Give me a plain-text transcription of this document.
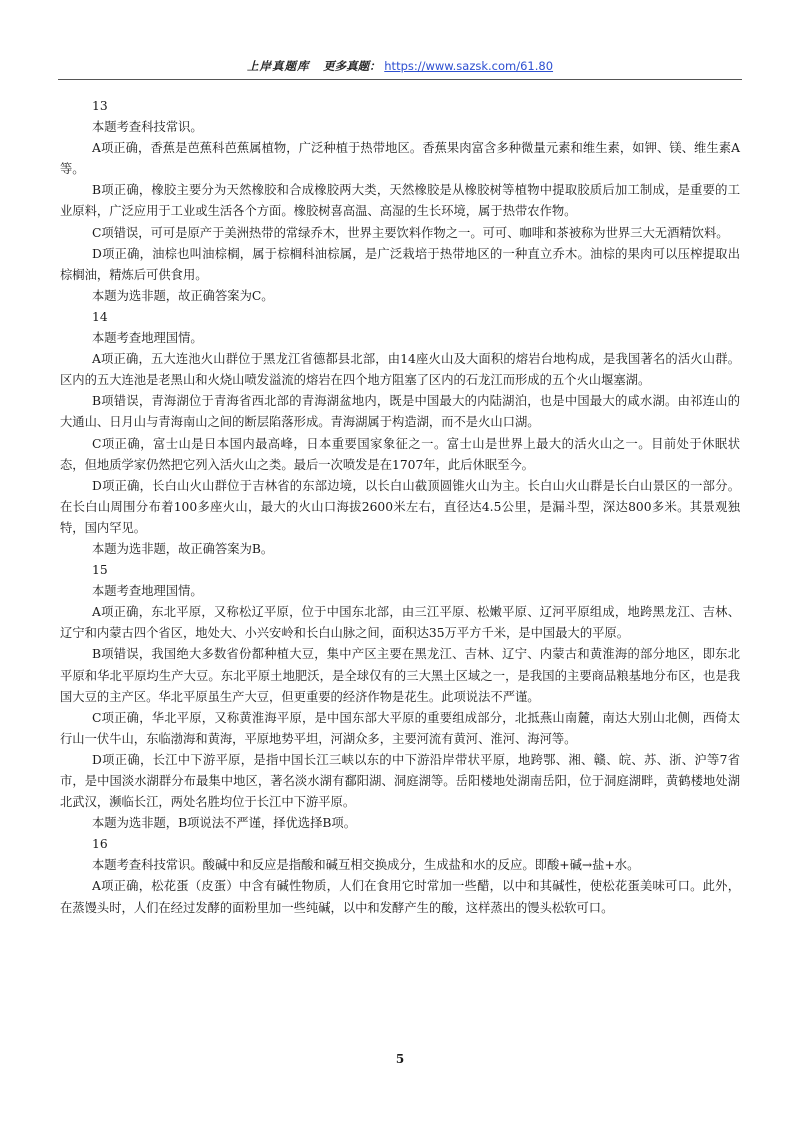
上岸真题库 更多真题： https://www.sazsk.com/61.80
13
本题考查科技常识。
A项正确，香蕉是芭蕉科芭蕉属植物，广泛种植于热带地区。香蕉果肉富含多种微量元素和维生素，如钾、镁、维生素A等。
B项正确，橡胶主要分为天然橡胶和合成橡胶两大类，天然橡胶是从橡胶树等植物中提取胶质后加工制成，是重要的工业原料，广泛应用于工业或生活各个方面。橡胶树喜高温、高湿的生长环境，属于热带农作物。
C项错误，可可是原产于美洲热带的常绿乔木，世界主要饮料作物之一。可可、咖啡和茶被称为世界三大无酒精饮料。
D项正确，油棕也叫油棕榈，属于棕榈科油棕属，是广泛栽培于热带地区的一种直立乔木。油棕的果肉可以压榨提取出棕榈油，精炼后可供食用。
本题为选非题，故正确答案为C。
14
本题考查地理国情。
A项正确，五大连池火山群位于黑龙江省德都县北部，由14座火山及大面积的熔岩台地构成，是我国著名的活火山群。区内的五大连池是老黑山和火烧山喷发溢流的熔岩在四个地方阻塞了区内的石龙江而形成的五个火山堰塞湖。
B项错误，青海湖位于青海省西北部的青海湖盆地内，既是中国最大的内陆湖泊，也是中国最大的咸水湖。由祁连山的大通山、日月山与青海南山之间的断层陷落形成。青海湖属于构造湖，而不是火山口湖。
C项正确，富士山是日本国内最高峰，日本重要国家象征之一。富士山是世界上最大的活火山之一。目前处于休眠状态，但地质学家仍然把它列入活火山之类。最后一次喷发是在1707年，此后休眠至今。
D项正确，长白山火山群位于吉林省的东部边境，以长白山截顶圆锥火山为主。长白山火山群是长白山景区的一部分。在长白山周围分布着100多座火山，最大的火山口海拔2600米左右，直径达4.5公里，是漏斗型，深达800多米。其景观独特，国内罕见。
本题为选非题，故正确答案为B。
15
本题考查地理国情。
A项正确，东北平原，又称松辽平原，位于中国东北部，由三江平原、松嫩平原、辽河平原组成，地跨黑龙江、吉林、辽宁和内蒙古四个省区，地处大、小兴安岭和长白山脉之间，面积达35万平方千米，是中国最大的平原。
B项错误，我国绝大多数省份都种植大豆，集中产区主要在黑龙江、吉林、辽宁、内蒙古和黄淮海的部分地区，即东北平原和华北平原均生产大豆。东北平原土地肥沃，是全球仅有的三大黑土区域之一，是我国的主要商品粮基地分布区，也是我国大豆的主产区。华北平原虽生产大豆，但更重要的经济作物是花生。此项说法不严谨。
C项正确，华北平原，又称黄淮海平原，是中国东部大平原的重要组成部分，北抵燕山南麓，南达大别山北侧，西倚太行山一伏牛山，东临渤海和黄海，平原地势平坦，河湖众多，主要河流有黄河、淮河、海河等。
D项正确，长江中下游平原，是指中国长江三峡以东的中下游沿岸带状平原，地跨鄂、湘、赣、皖、苏、浙、沪等7省市，是中国淡水湖群分布最集中地区，著名淡水湖有鄱阳湖、洞庭湖等。岳阳楼地处湖南岳阳，位于洞庭湖畔，黄鹤楼地处湖北武汉，濒临长江，两处名胜均位于长江中下游平原。
本题为选非题，B项说法不严谨，择优选择B项。
16
本题考查科技常识。酸碱中和反应是指酸和碱互相交换成分，生成盐和水的反应。即酸+碱→盐+水。
A项正确，松花蛋（皮蛋）中含有碱性物质，人们在食用它时常加一些醋，以中和其碱性，使松花蛋美味可口。此外，在蒸馒头时，人们在经过发酵的面粉里加一些纯碱，以中和发酵产生的酸，这样蒸出的馒头松软可口。
5
